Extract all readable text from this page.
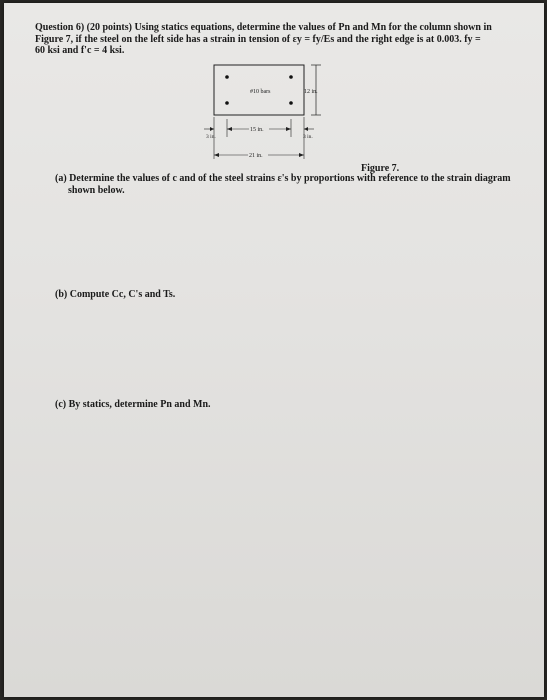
Question 6) (20 points) Using statics equations, determine the values of Pn and Mn for the column shown in
Figure 7, if the steel on the left side has a strain in tension of εy = fy/Es and the right edge is at 0.003. fy =
60 ksi and f'c = 4 ksi.
#10 bars	12 in.
15 in.
3 in.	3 in.
21 in.
Figure 7.
(a) Determine the values of c and of the steel strains ε's by proportions with reference to the strain diagram
shown below.
(b) Compute Cc, C's and Ts.
(c) By statics, determine Pn and Mn.
